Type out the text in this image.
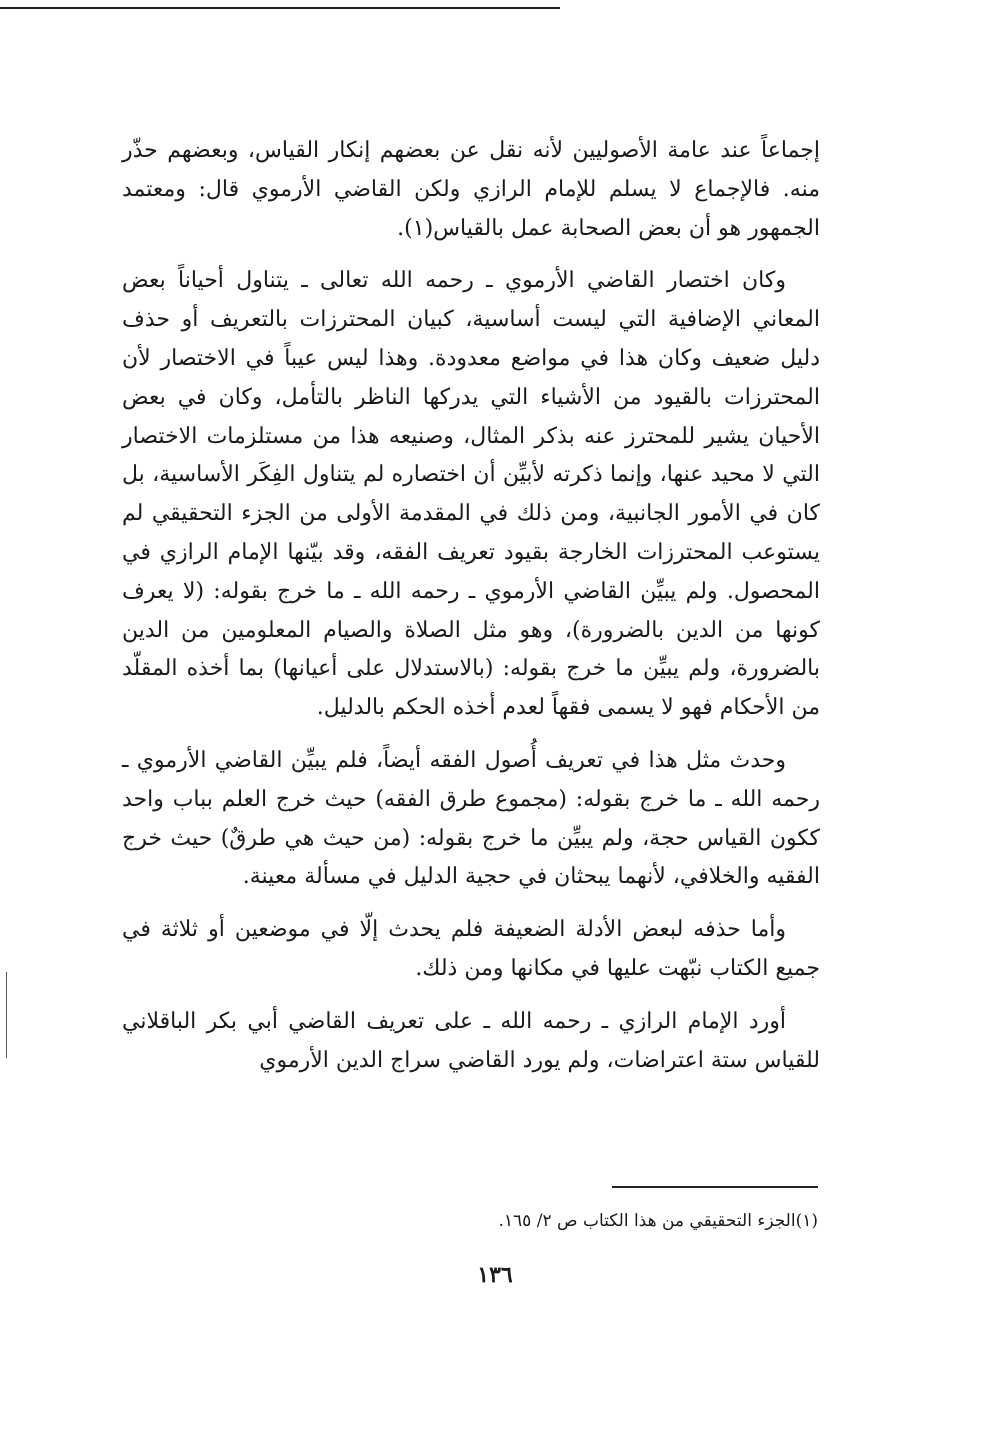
إجماعاً عند عامة الأصوليين لأنه نقل عن بعضهم إنكار القياس، وبعضهم حذّر منه. فالإجماع لا يسلم للإمام الرازي ولكن القاضي الأرموي قال: ومعتمد الجمهور هو أن بعض الصحابة عمل بالقياس(١).

وكان اختصار القاضي الأرموي ـ رحمه الله تعالى ـ يتناول أحياناً بعض المعاني الإضافية التي ليست أساسية، كبيان المحترزات بالتعريف أو حذف دليل ضعيف وكان هذا في مواضع معدودة. وهذا ليس عيباً في الاختصار لأن المحترزات بالقيود من الأشياء التي يدركها الناظر بالتأمل، وكان في بعض الأحيان يشير للمحترز عنه بذكر المثال، وصنيعه هذا من مستلزمات الاختصار التي لا محيد عنها، وإنما ذكرته لأبيِّن أن اختصاره لم يتناول الفِكَر الأساسية، بل كان في الأمور الجانبية، ومن ذلك في المقدمة الأولى من الجزء التحقيقي لم يستوعب المحترزات الخارجة بقيود تعريف الفقه، وقد بيّنها الإمام الرازي في المحصول. ولم يبيِّن القاضي الأرموي ـ رحمه الله ـ ما خرج بقوله: (لا يعرف كونها من الدين بالضرورة)، وهو مثل الصلاة والصيام المعلومين من الدين بالضرورة، ولم يبيِّن ما خرج بقوله: (بالاستدلال على أعيانها) بما أخذه المقلّد من الأحكام فهو لا يسمى فقهاً لعدم أخذه الحكم بالدليل.

وحدث مثل هذا في تعريف أُصول الفقه أيضاً، فلم يبيِّن القاضي الأرموي ـ رحمه الله ـ ما خرج بقوله: (مجموع طرق الفقه) حيث خرج العلم بباب واحد ككون القياس حجة، ولم يبيِّن ما خرج بقوله: (من حيث هي طرقٌ) حيث خرج الفقيه والخلافي، لأنهما يبحثان في حجية الدليل في مسألة معينة.

وأما حذفه لبعض الأدلة الضعيفة فلم يحدث إلّا في موضعين أو ثلاثة في جميع الكتاب نبّهت عليها في مكانها ومن ذلك.

أورد الإمام الرازي ـ رحمه الله ـ على تعريف القاضي أبي بكر الباقلاني للقياس ستة اعتراضات، ولم يورد القاضي سراج الدين الأرموي

(١)الجزء التحقيقي من هذا الكتاب ص ٢/ ١٦٥.
١٣٦
